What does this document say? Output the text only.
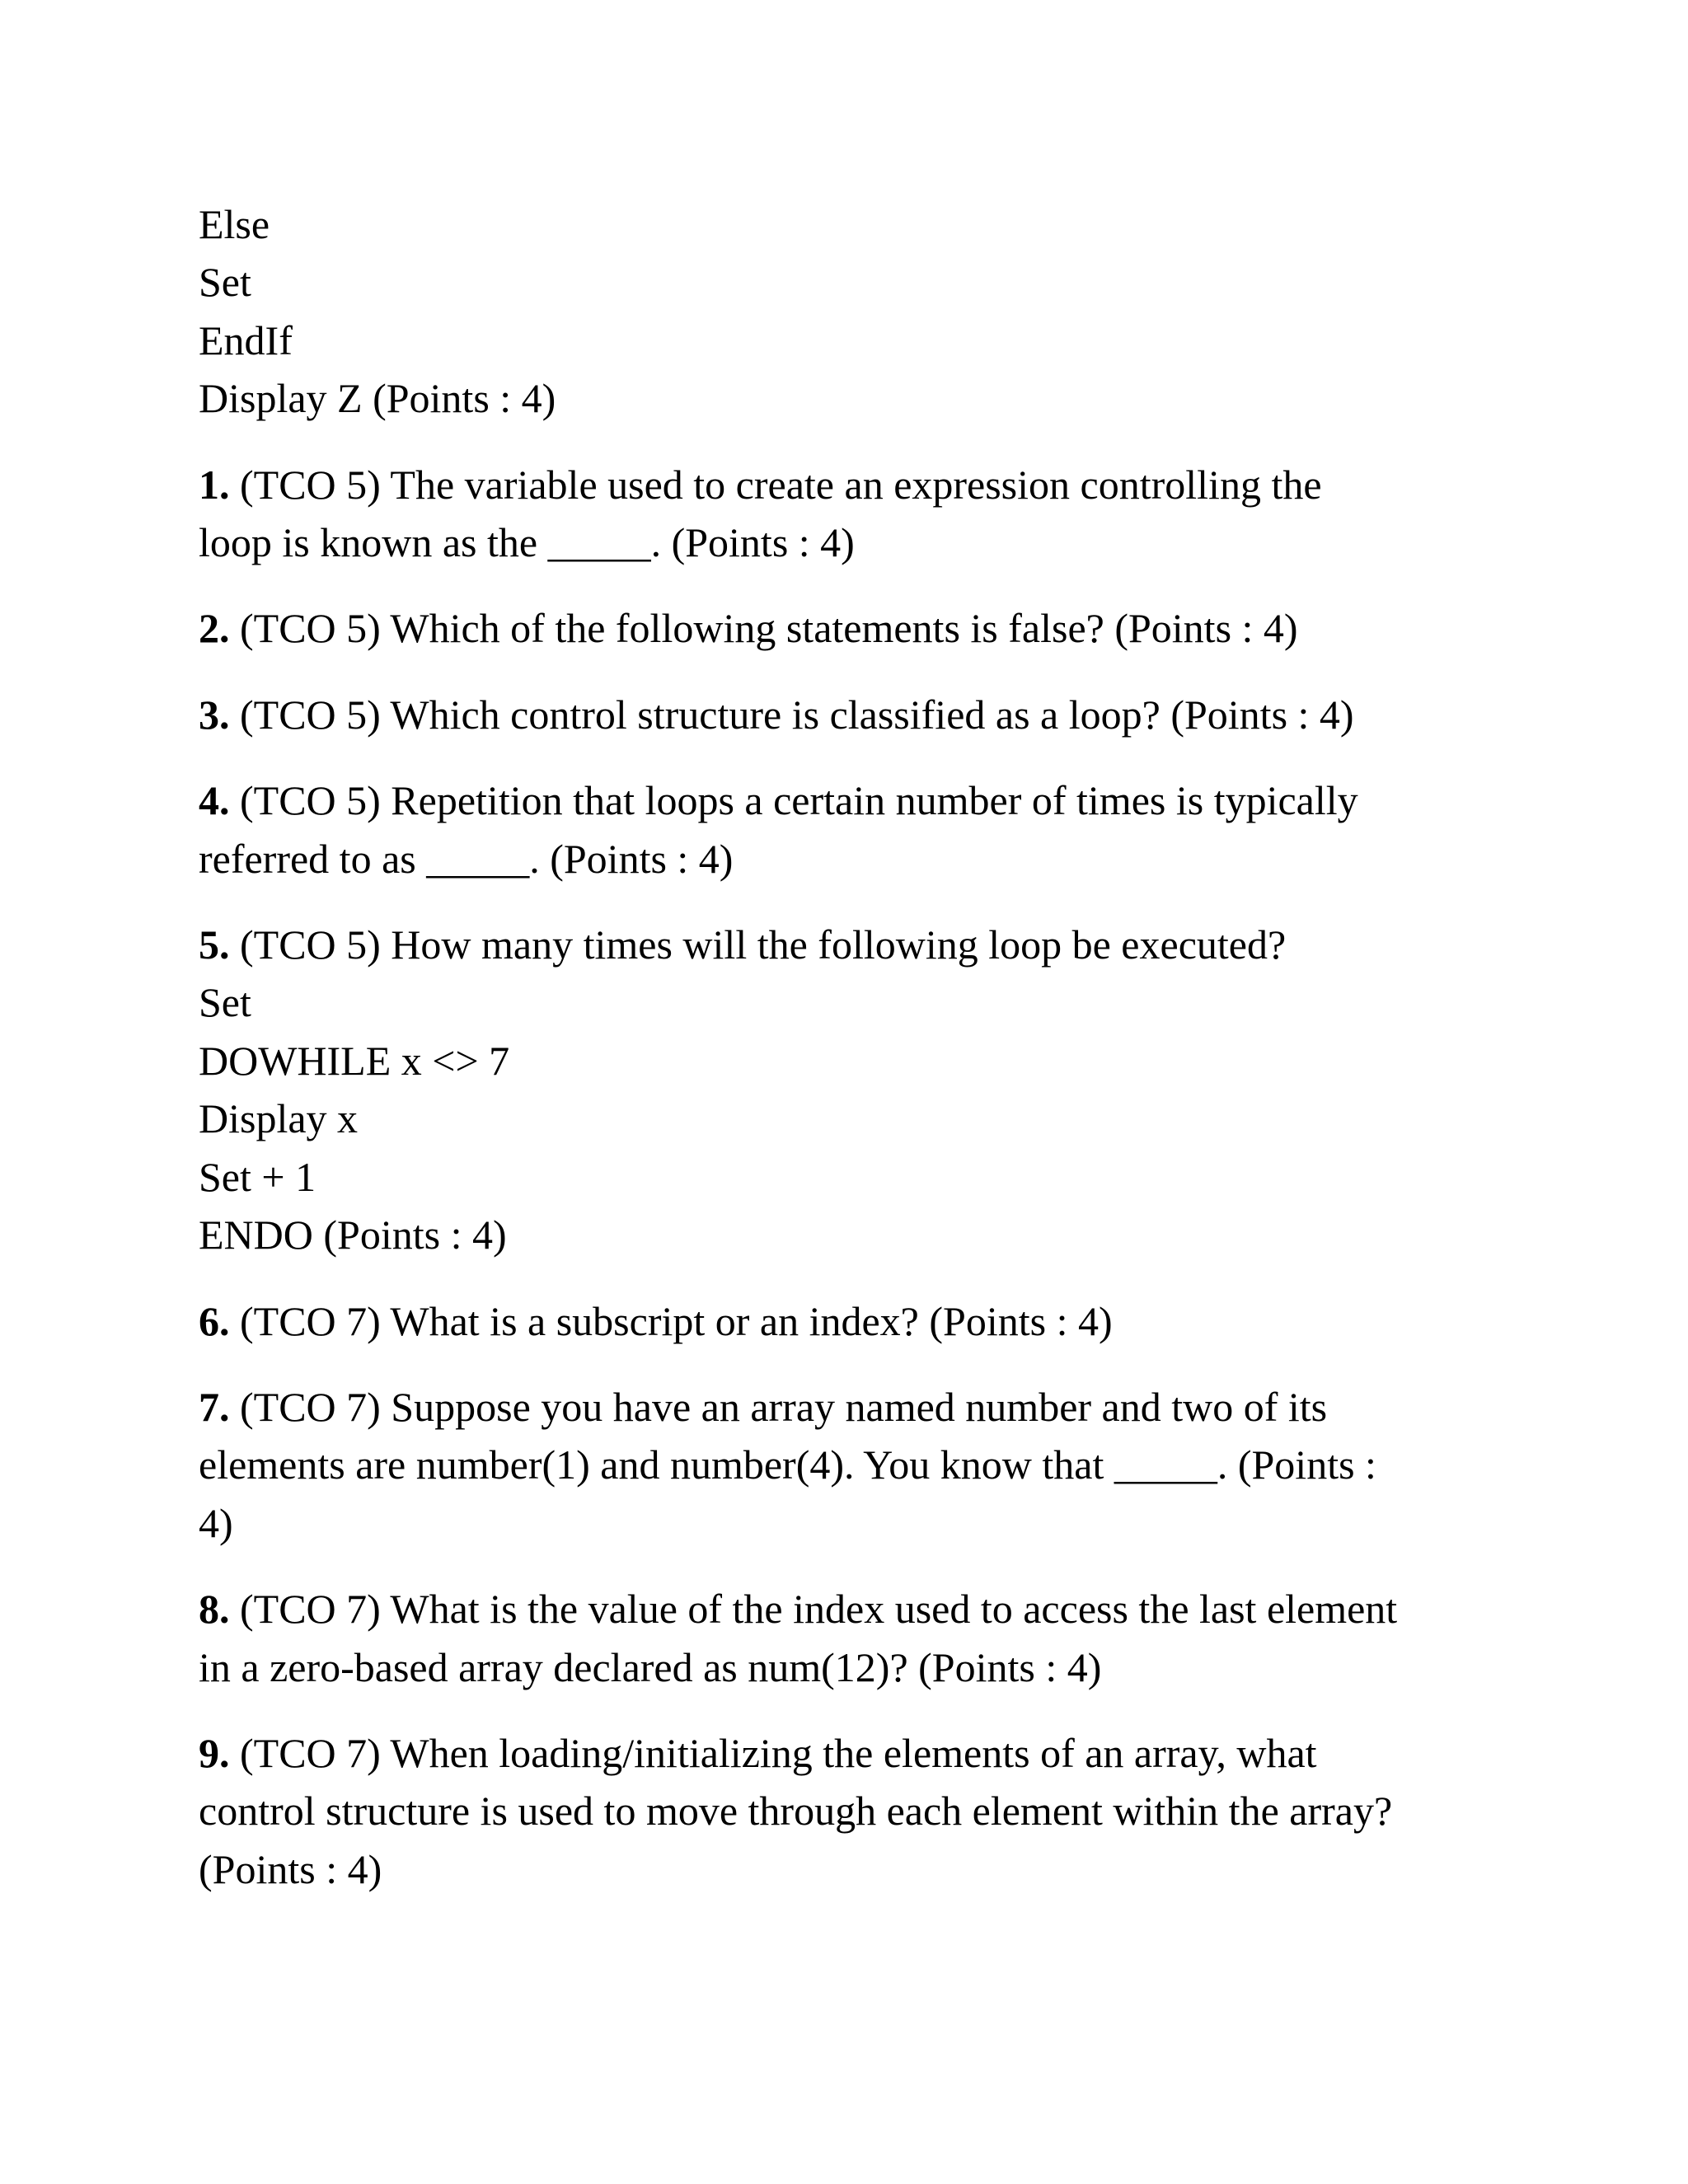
Else
Set
EndIf
Display Z (Points : 4)
1. (TCO 5) The variable used to create an expression controlling the
loop is known as the _____. (Points : 4)
2. (TCO 5) Which of the following statements is false? (Points : 4)
3. (TCO 5) Which control structure is classified as a loop? (Points : 4)
4. (TCO 5) Repetition that loops a certain number of times is typically
referred to as _____. (Points : 4)
5. (TCO 5) How many times will the following loop be executed?
Set
DOWHILE x <> 7
Display x
Set + 1
ENDO (Points : 4)
6. (TCO 7) What is a subscript or an index? (Points : 4)
7. (TCO 7) Suppose you have an array named number and two of its
elements are number(1) and number(4). You know that _____. (Points :
4)
8. (TCO 7) What is the value of the index used to access the last element
in a zero-based array declared as num(12)? (Points : 4)
9. (TCO 7) When loading/initializing the elements of an array, what
control structure is used to move through each element within the array?
(Points : 4)
